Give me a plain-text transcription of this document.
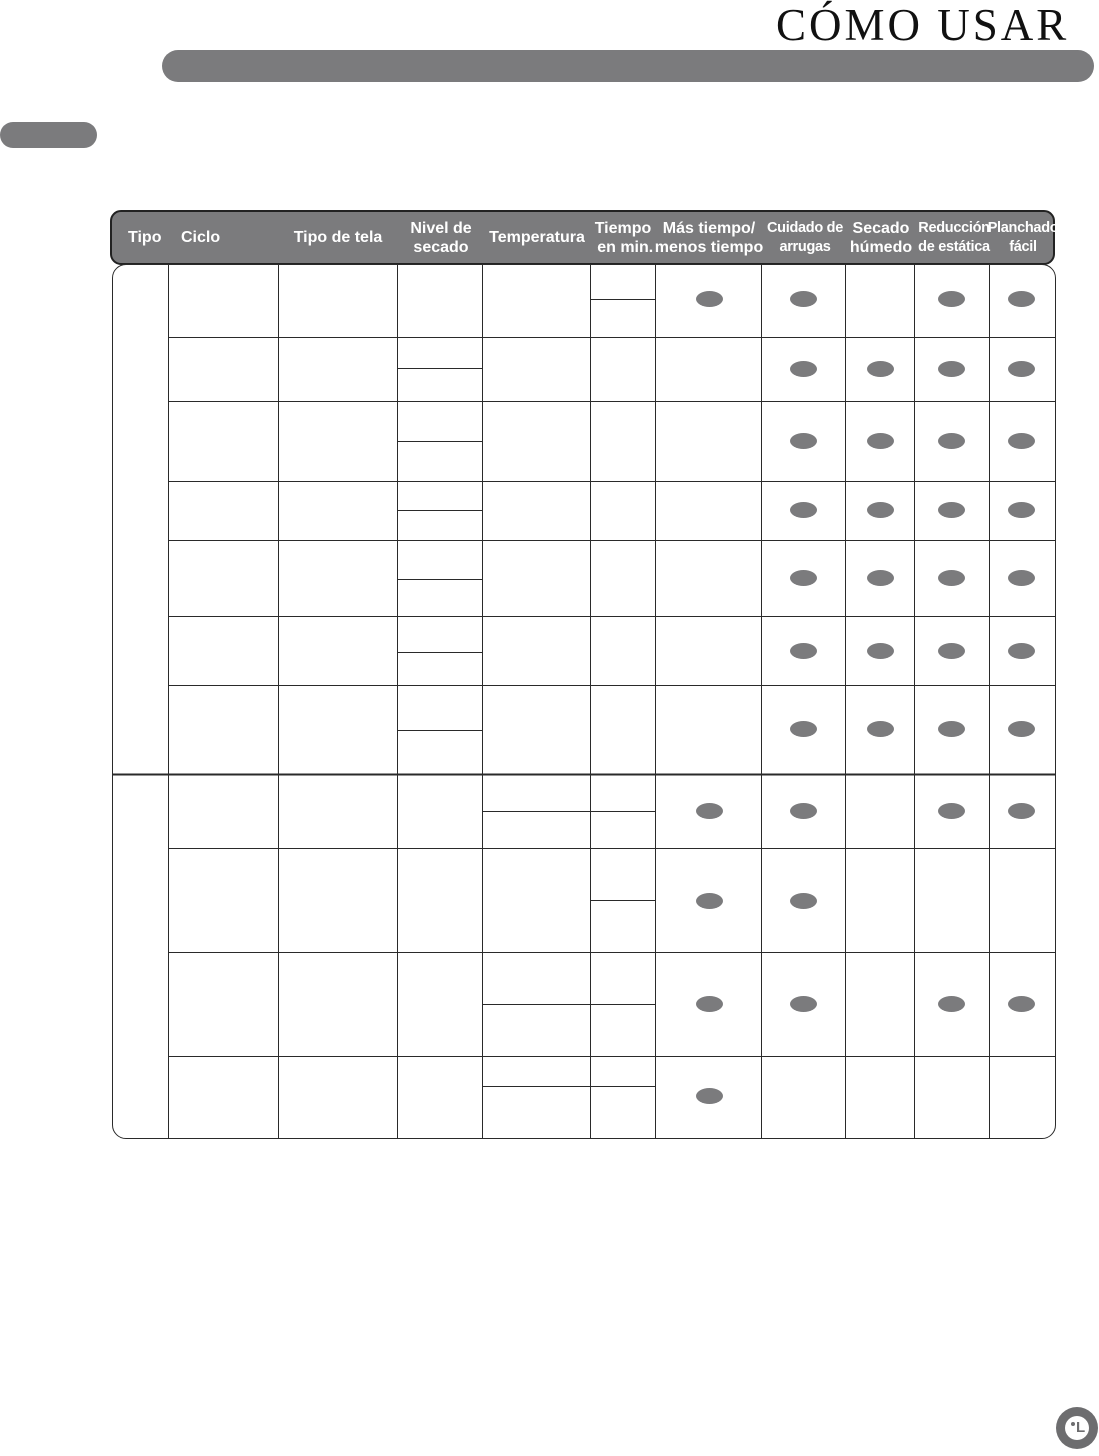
CÓMO USAR
Tipo Ciclo	Tipo de tela
Nivel de
secado
Temperatura
Tiempo
en min.
Más tiempo/
menos tiempo
Cuidado de
arrugas
Secado
húmedo
Reducción
de estática
Planchado
fácil
L
